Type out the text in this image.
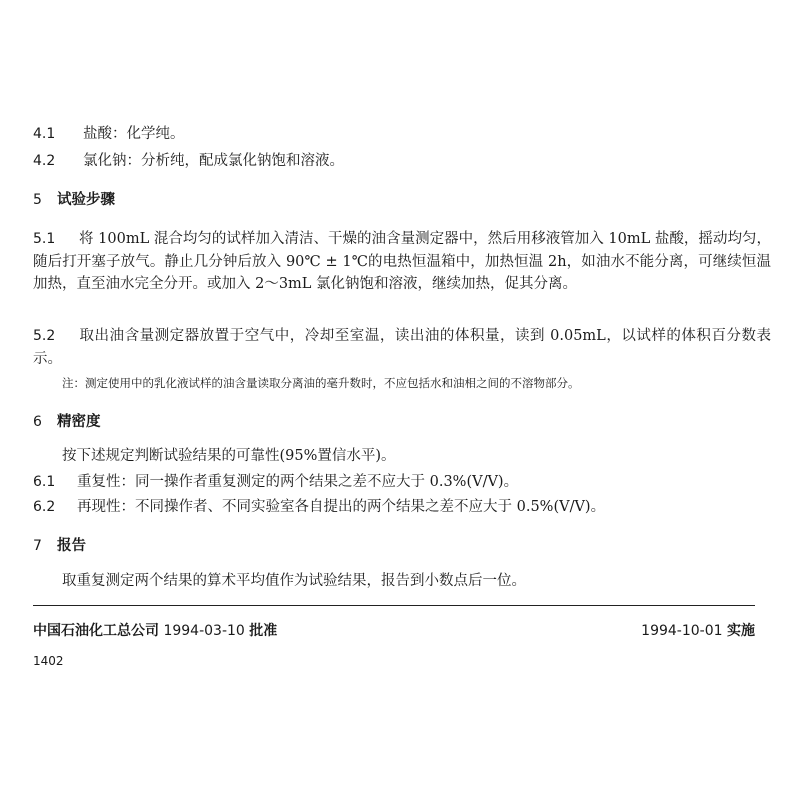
4.1 盐酸：化学纯。
4.2 氯化钠：分析纯，配成氯化钠饱和溶液。
5 试验步骤
5.1 将 100mL 混合均匀的试样加入清洁、干燥的油含量测定器中，然后用移液管加入 10mL 盐酸，摇动均匀，随后打开塞子放气。静止几分钟后放入 90℃ ± 1℃的电热恒温箱中，加热恒温 2h，如油水不能分离，可继续恒温加热，直至油水完全分开。或加入 2～3mL 氯化钠饱和溶液，继续加热，促其分离。
5.2 取出油含量测定器放置于空气中，冷却至室温，读出油的体积量，读到 0.05mL，以试样的体积百分数表示。
注：测定使用中的乳化液试样的油含量读取分离油的毫升数时，不应包括水和油相之间的不溶物部分。
6 精密度
按下述规定判断试验结果的可靠性(95%置信水平)。
6.1 重复性：同一操作者重复测定的两个结果之差不应大于 0.3%(V/V)。
6.2 再现性：不同操作者、不同实验室各自提出的两个结果之差不应大于 0.5%(V/V)。
7 报告
取重复测定两个结果的算术平均值作为试验结果，报告到小数点后一位。
中国石油化工总公司 1994-03-10 批准	1994-10-01 实施
1402
